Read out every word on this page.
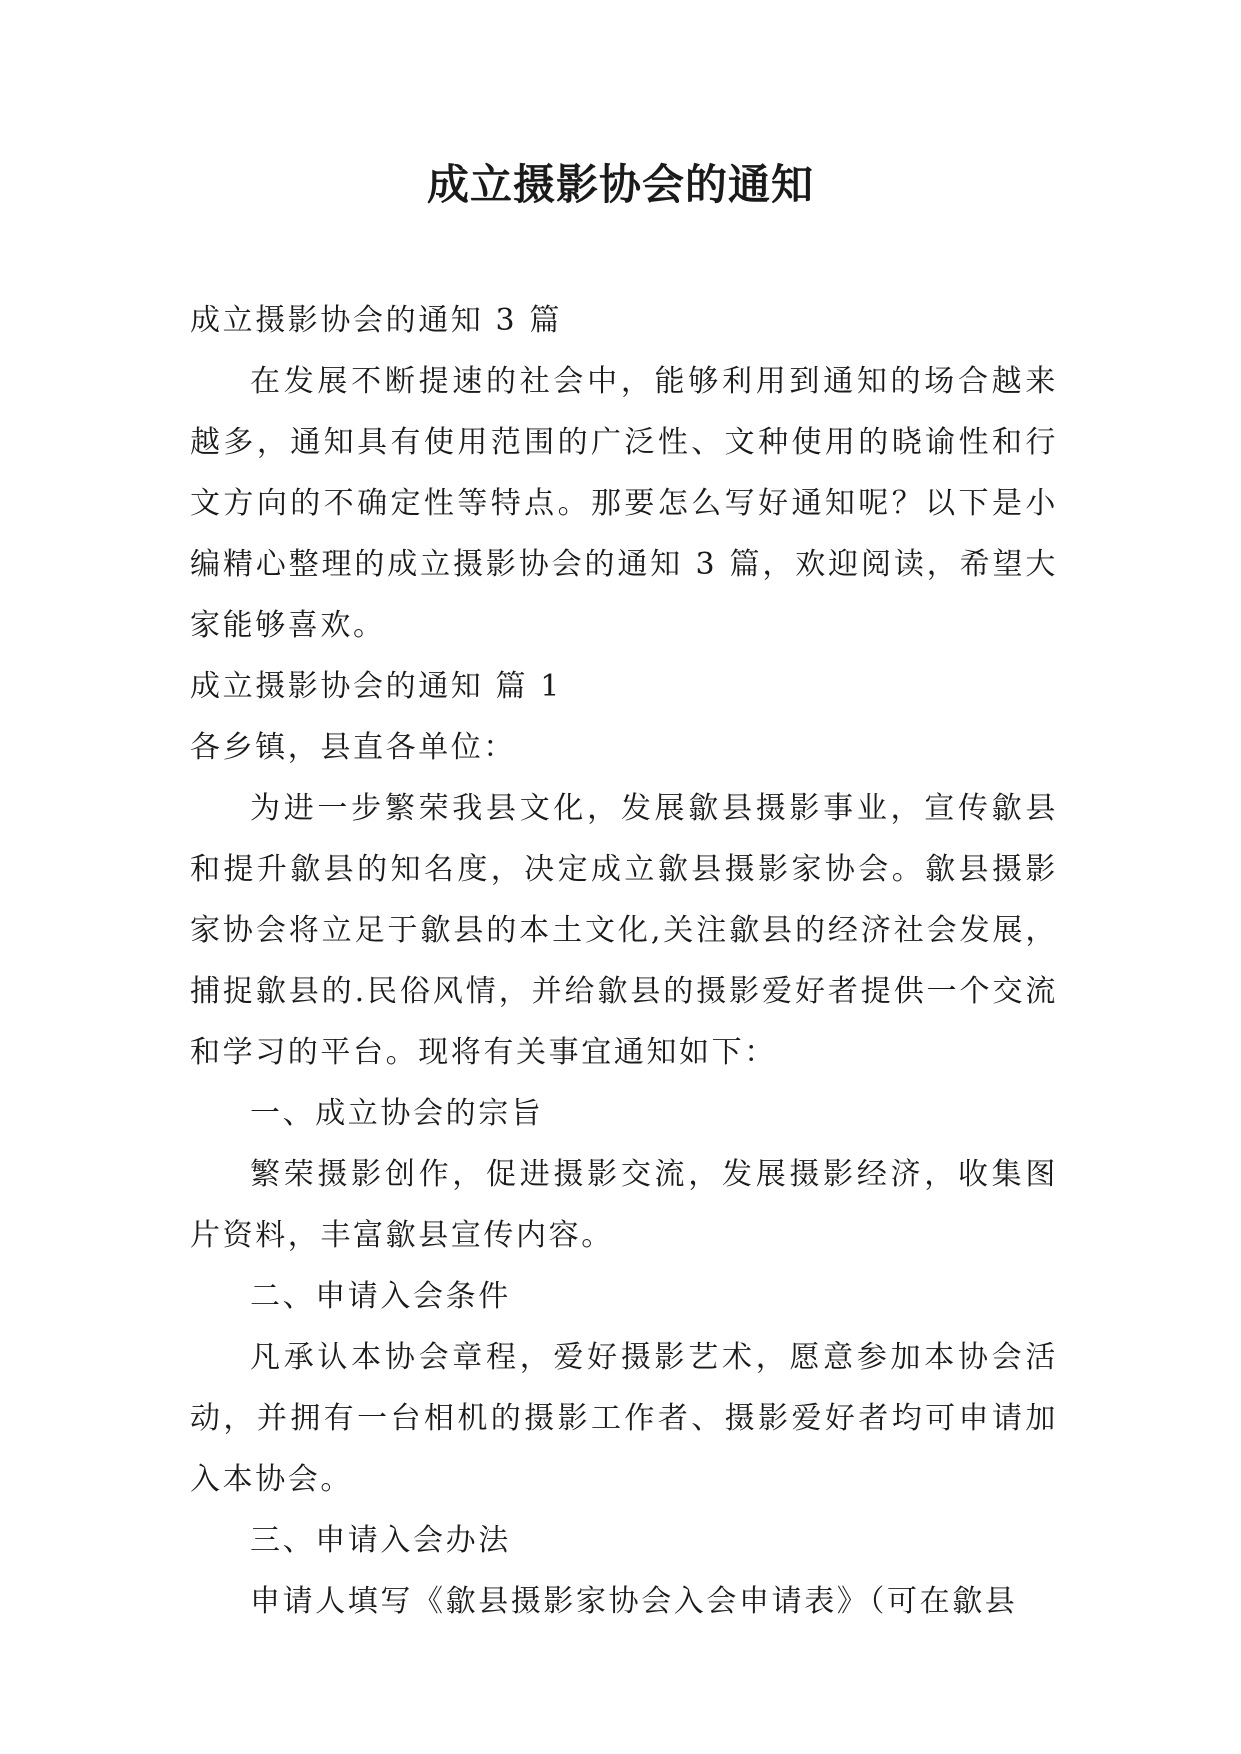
成立摄影协会的通知
成立摄影协会的通知 3 篇
在发展不断提速的社会中，能够利用到通知的场合越来越多，通知具有使用范围的广泛性、文种使用的晓谕性和行文方向的不确定性等特点。那要怎么写好通知呢？以下是小编精心整理的成立摄影协会的通知 3 篇，欢迎阅读，希望大家能够喜欢。
成立摄影协会的通知 篇 1
各乡镇，县直各单位：
为进一步繁荣我县文化，发展歙县摄影事业，宣传歙县和提升歙县的知名度，决定成立歙县摄影家协会。歙县摄影家协会将立足于歙县的本土文化,关注歙县的经济社会发展，捕捉歙县的.民俗风情，并给歙县的摄影爱好者提供一个交流和学习的平台。现将有关事宜通知如下：
一、成立协会的宗旨
繁荣摄影创作，促进摄影交流，发展摄影经济，收集图片资料，丰富歙县宣传内容。
二、申请入会条件
凡承认本协会章程，爱好摄影艺术，愿意参加本协会活动，并拥有一台相机的摄影工作者、摄影爱好者均可申请加入本协会。
三、申请入会办法
申请人填写《歙县摄影家协会入会申请表》（可在歙县
